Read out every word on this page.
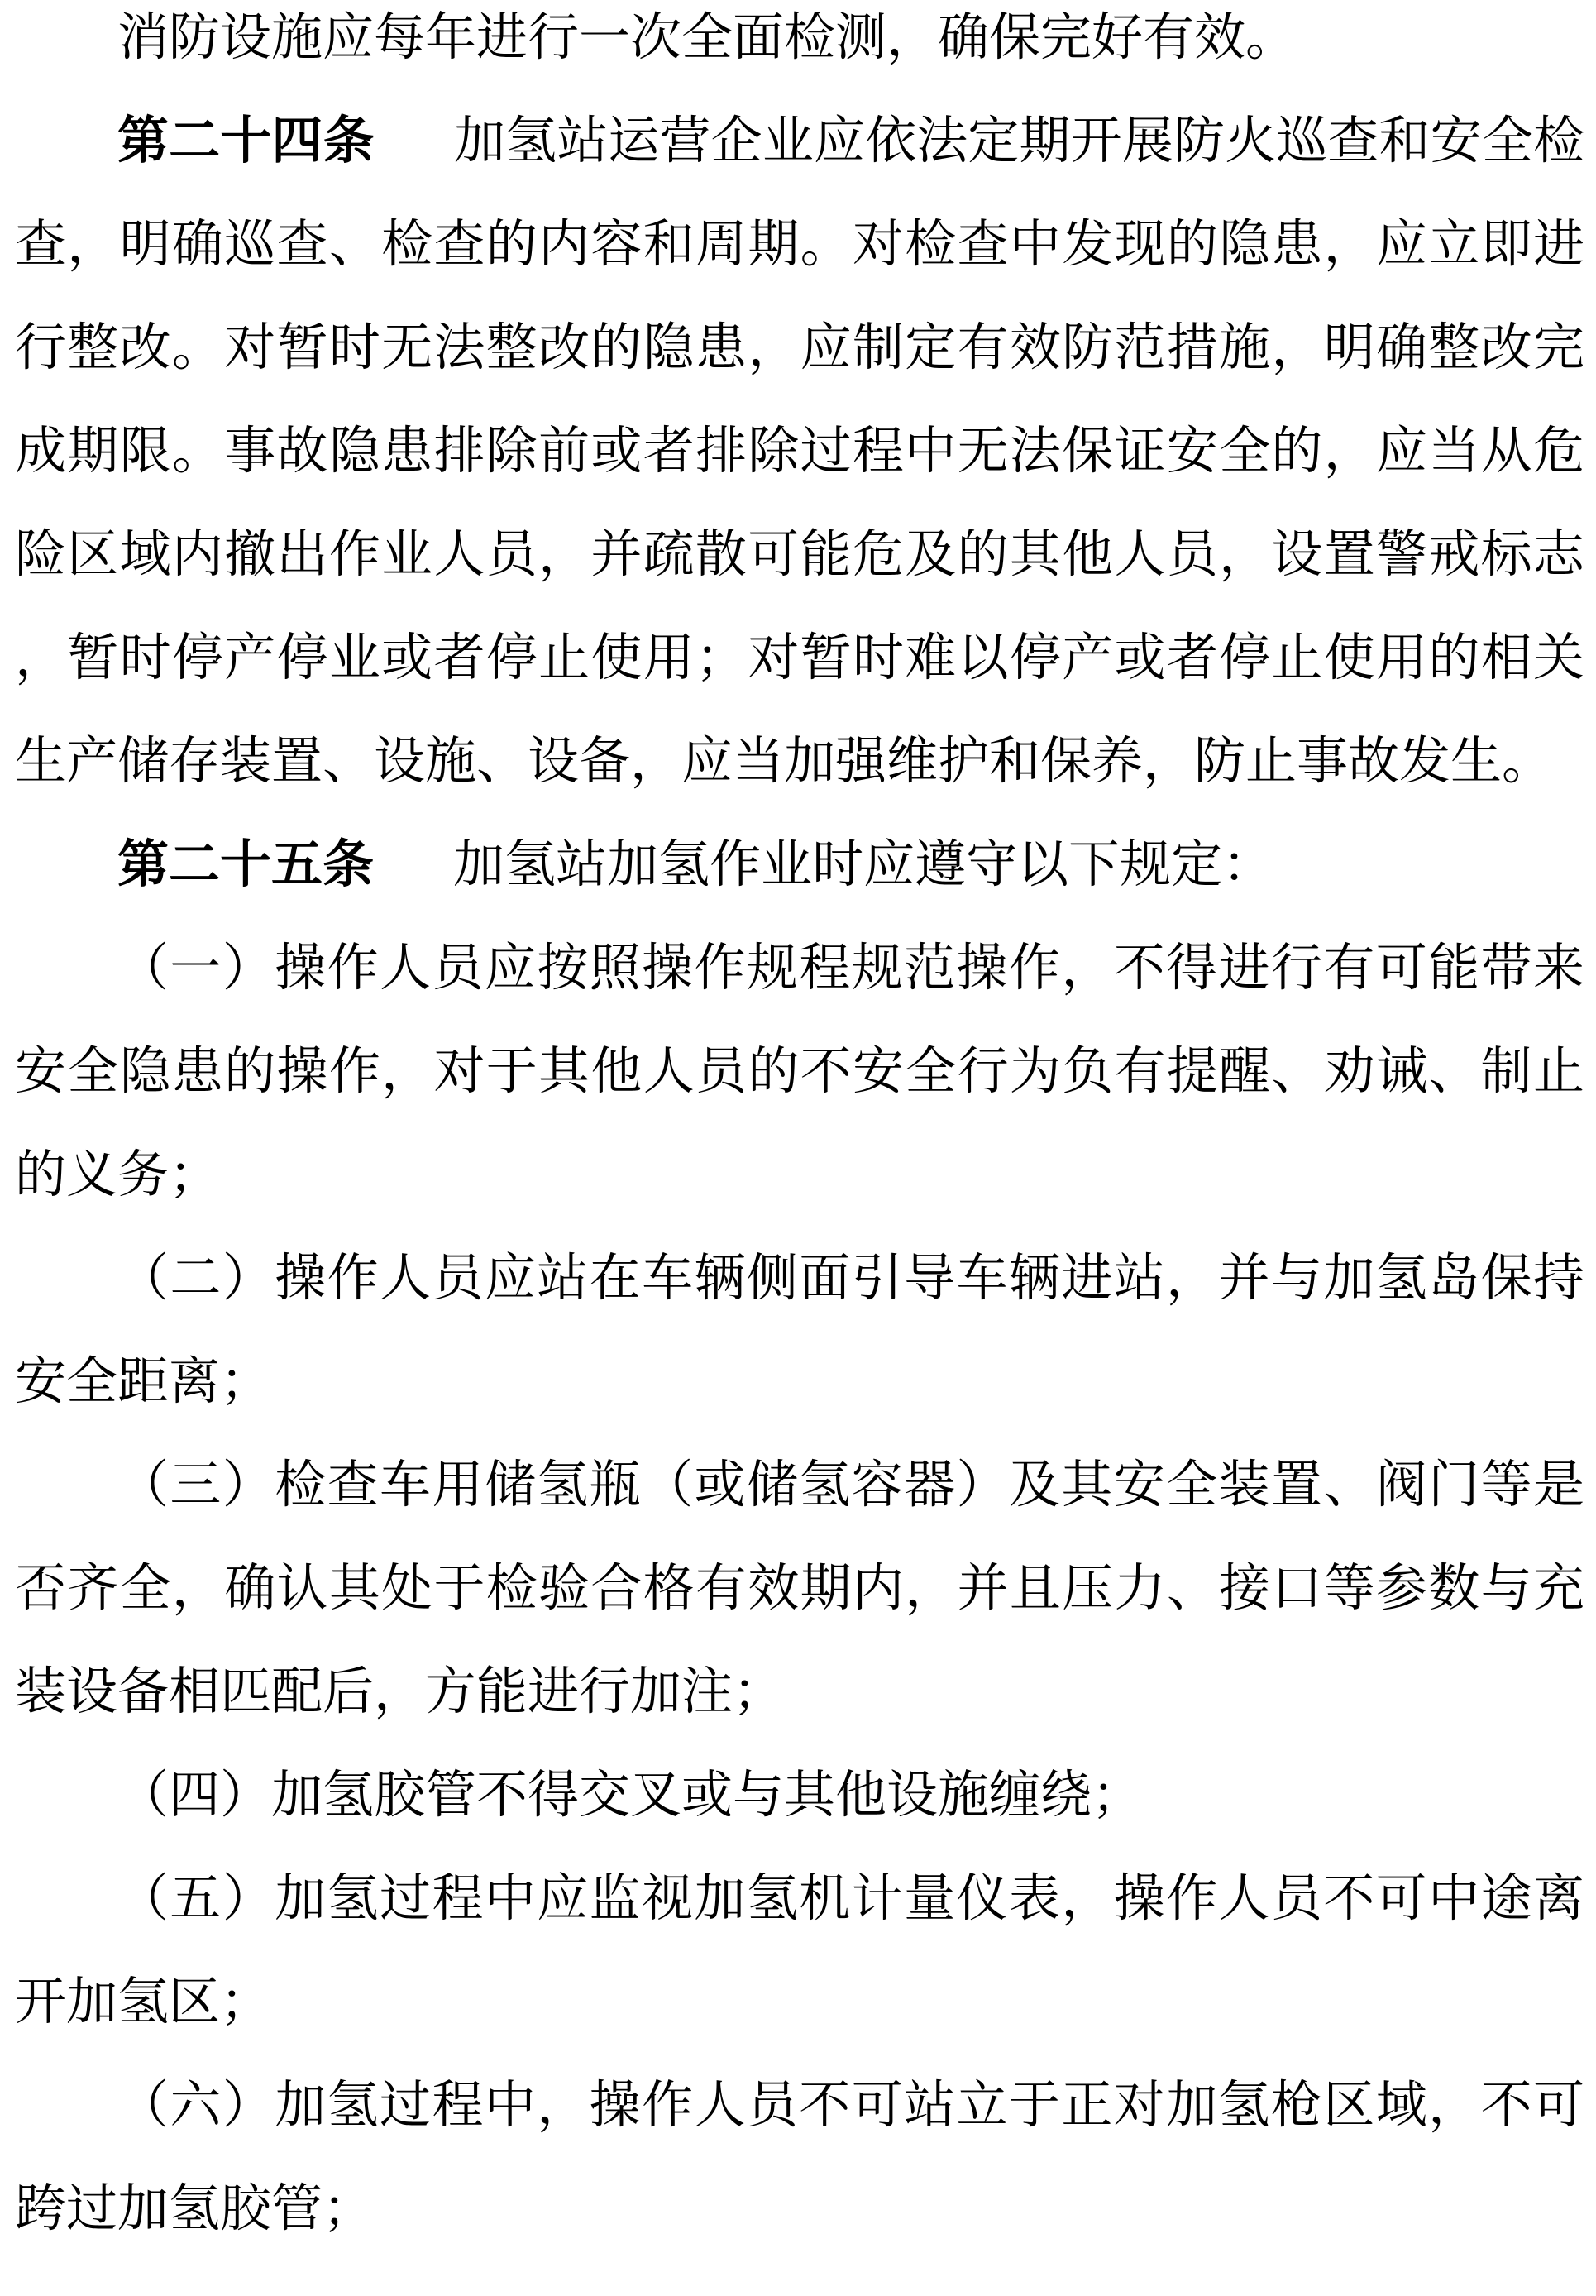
消防设施应每年进行一次全面检测，确保完好有效。

第二十四条 加氢站运营企业应依法定期开展防火巡查和安全检查，明确巡查、检查的内容和周期。对检查中发现的隐患，应立即进行整改。对暂时无法整改的隐患，应制定有效防范措施，明确整改完成期限。事故隐患排除前或者排除过程中无法保证安全的，应当从危险区域内撤出作业人员，并疏散可能危及的其他人员，设置警戒标志，暂时停产停业或者停止使用；对暂时难以停产或者停止使用的相关生产储存装置、设施、设备，应当加强维护和保养，防止事故发生。

第二十五条 加氢站加氢作业时应遵守以下规定：

（一）操作人员应按照操作规程规范操作，不得进行有可能带来安全隐患的操作，对于其他人员的不安全行为负有提醒、劝诫、制止的义务；

（二）操作人员应站在车辆侧面引导车辆进站，并与加氢岛保持安全距离；

（三）检查车用储氢瓶（或储氢容器）及其安全装置、阀门等是否齐全，确认其处于检验合格有效期内，并且压力、接口等参数与充装设备相匹配后，方能进行加注；

（四）加氢胶管不得交叉或与其他设施缠绕；

（五）加氢过程中应监视加氢机计量仪表，操作人员不可中途离开加氢区；

（六）加氢过程中，操作人员不可站立于正对加氢枪区域，不可跨过加氢胶管；
